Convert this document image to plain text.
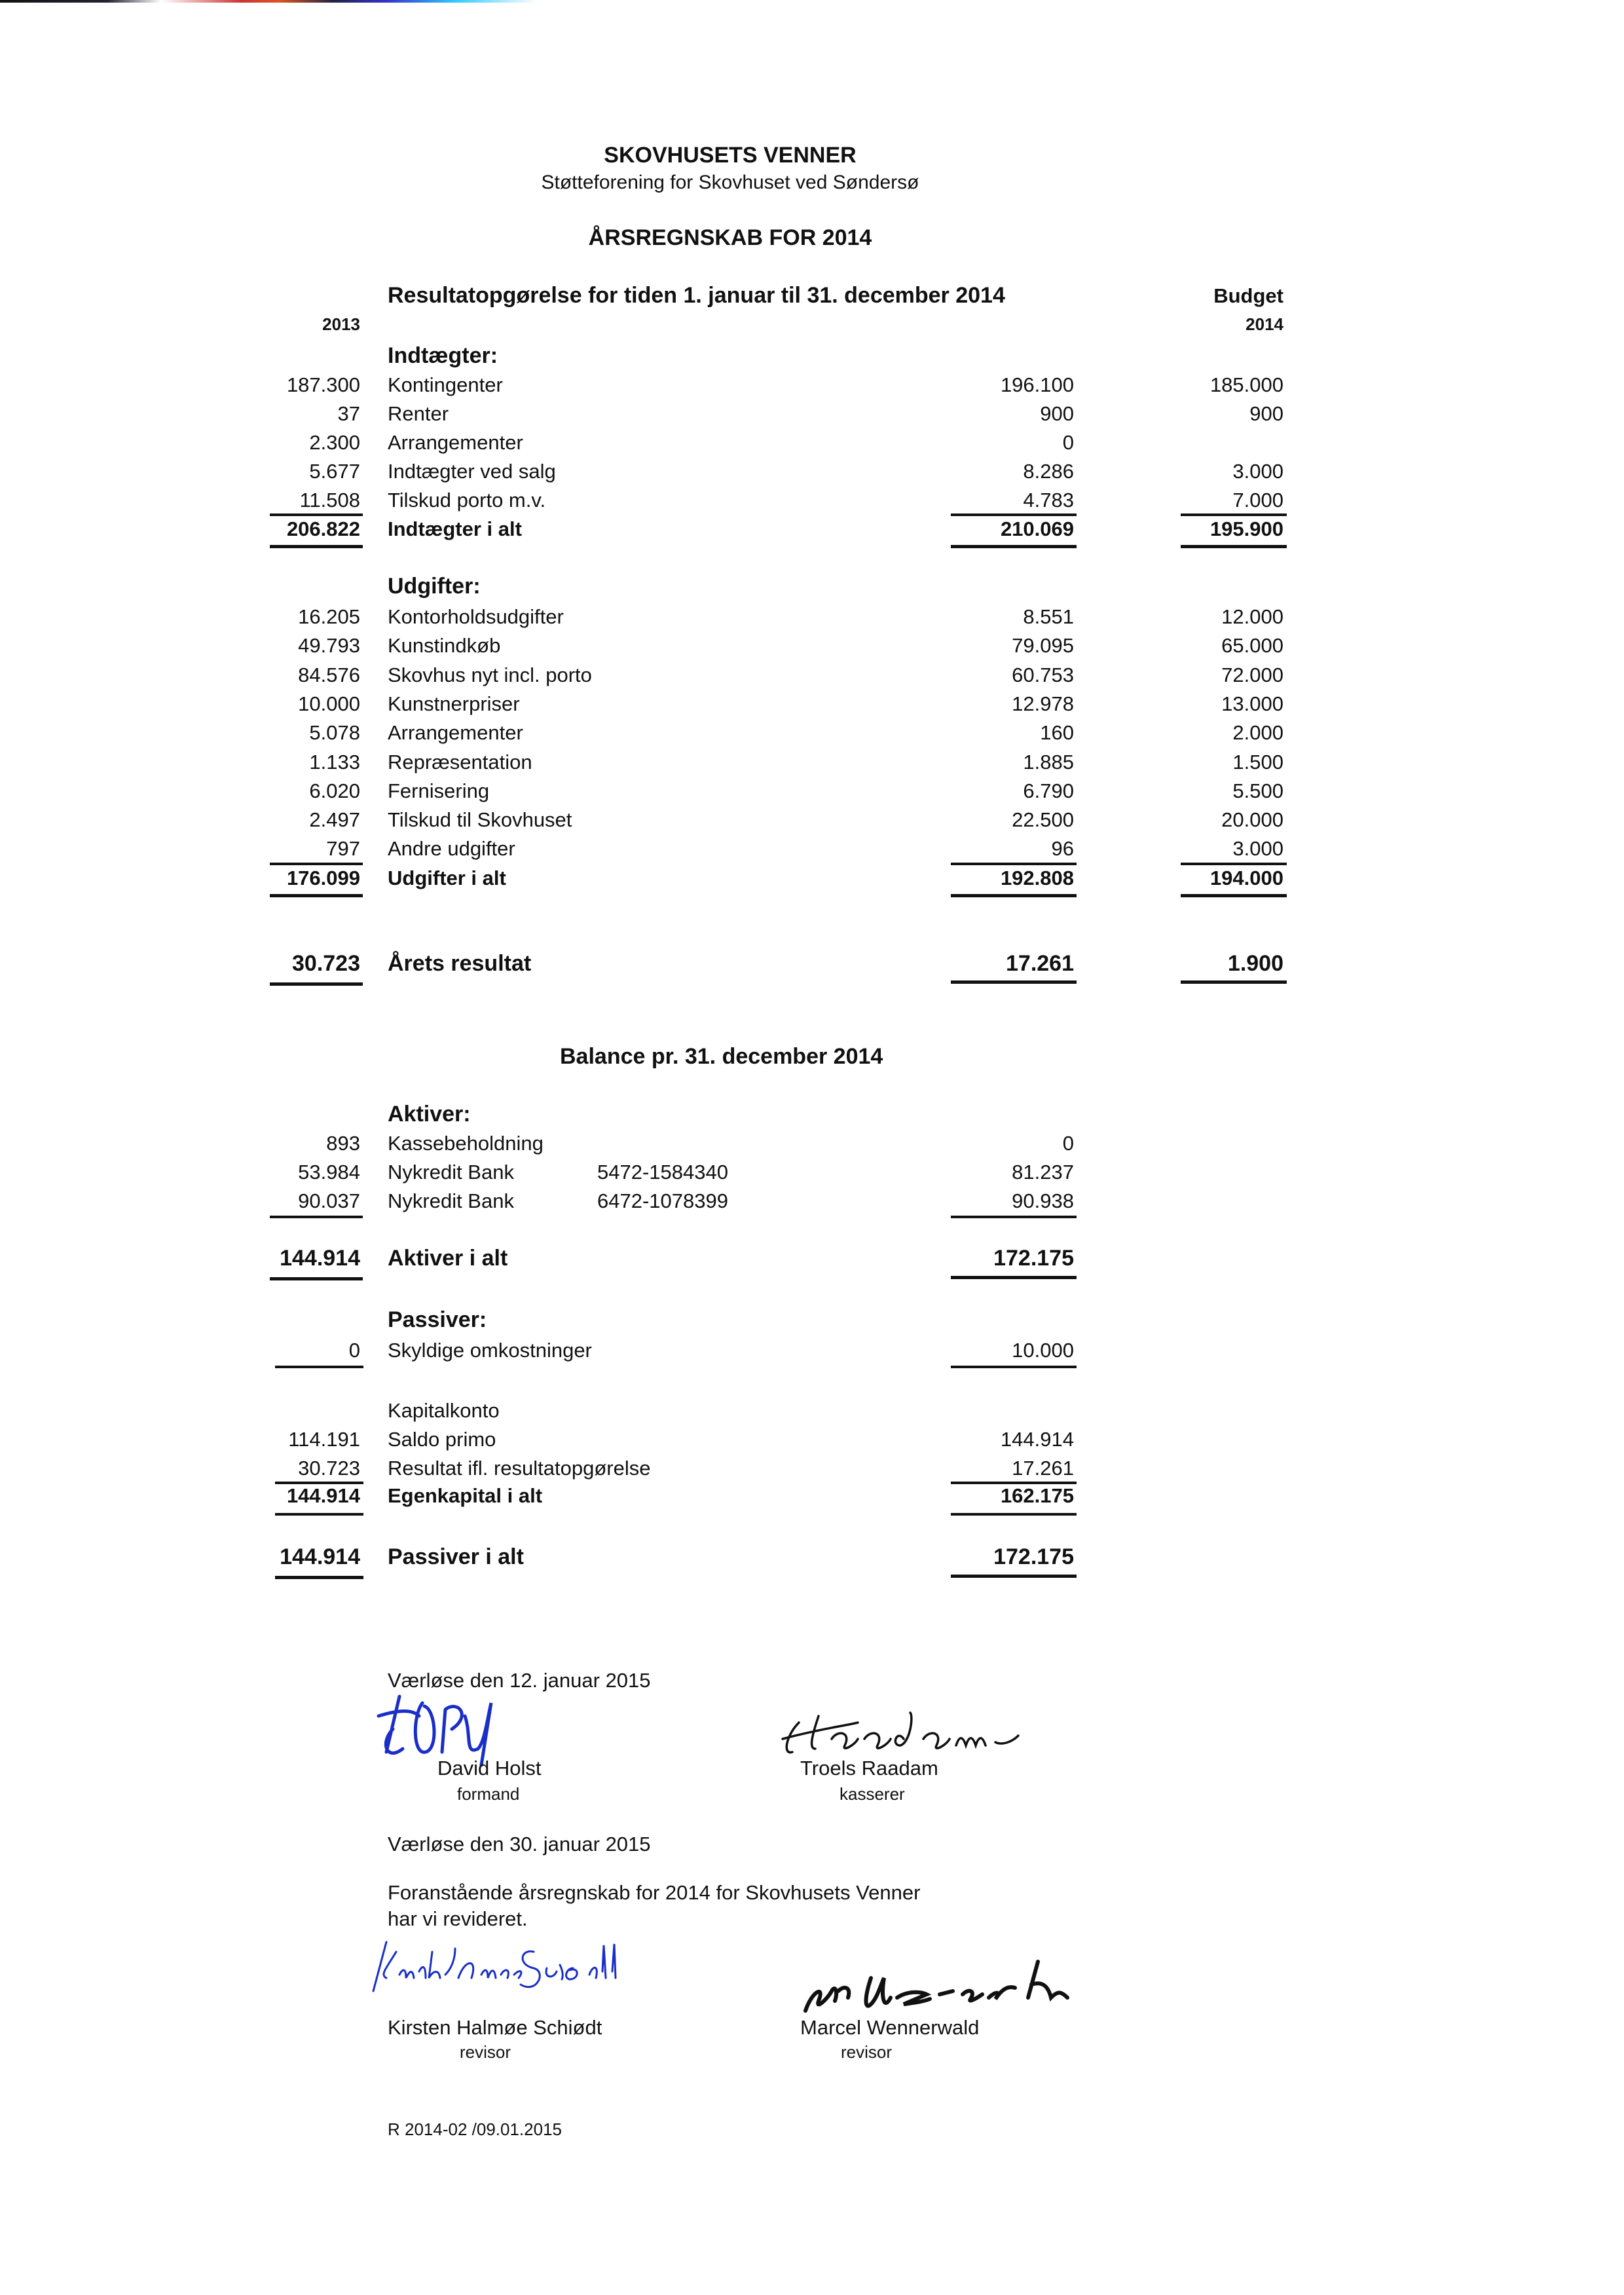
SKOVHUSETS VENNER
Støtteforening for Skovhuset ved Søndersø
ÅRSREGNSKAB FOR 2014
Resultatopgørelse for tiden 1. januar til 31. december 2014
2013
Budget
2014
Indtægter:
187.300 Kontingenter	196.100	185.000
37 Renter	900	900
2.300 Arrangementer	0
5.677 Indtægter ved salg	8.286	3.000
11.508 Tilskud porto m.v.	4.783	7.000
206.822 Indtægter i alt	210.069	195.900
Udgifter:
16.205 Kontorholdsudgifter	8.551	12.000
49.793 Kunstindkøb	79.095	65.000
84.576 Skovhus nyt incl. porto	60.753	72.000
10.000 Kunstnerpriser	12.978	13.000
5.078 Arrangementer	160	2.000
1.133 Repræsentation	1.885	1.500
6.020 Fernisering	6.790	5.500
2.497 Tilskud til Skovhuset	22.500	20.000
797 Andre udgifter	96	3.000
176.099 Udgifter i alt	192.808	194.000
30.723 Årets resultat	17.261	1.900
Balance pr. 31. december 2014
Aktiver:
893 Kassebeholdning	0
53.984 Nykredit Bank	5472-1584340	81.237
90.037 Nykredit Bank	6472-1078399	90.938
144.914 Aktiver i alt	172.175
Passiver:
0 Skyldige omkostninger	10.000
Kapitalkonto
114.191 Saldo primo	144.914
30.723 Resultat ifl. resultatopgørelse	17.261
144.914 Egenkapital i alt	162.175
144.914 Passiver i alt	172.175
Værløse den 12. januar 2015
David Holst
formand
Troels Raadam
kasserer
Værløse den 30. januar 2015
Foranstående årsregnskab for 2014 for Skovhusets Venner
har vi revideret.
Kirsten Halmøe Schiødt
revisor
Marcel Wennerwald
revisor
R 2014-02 /09.01.2015
